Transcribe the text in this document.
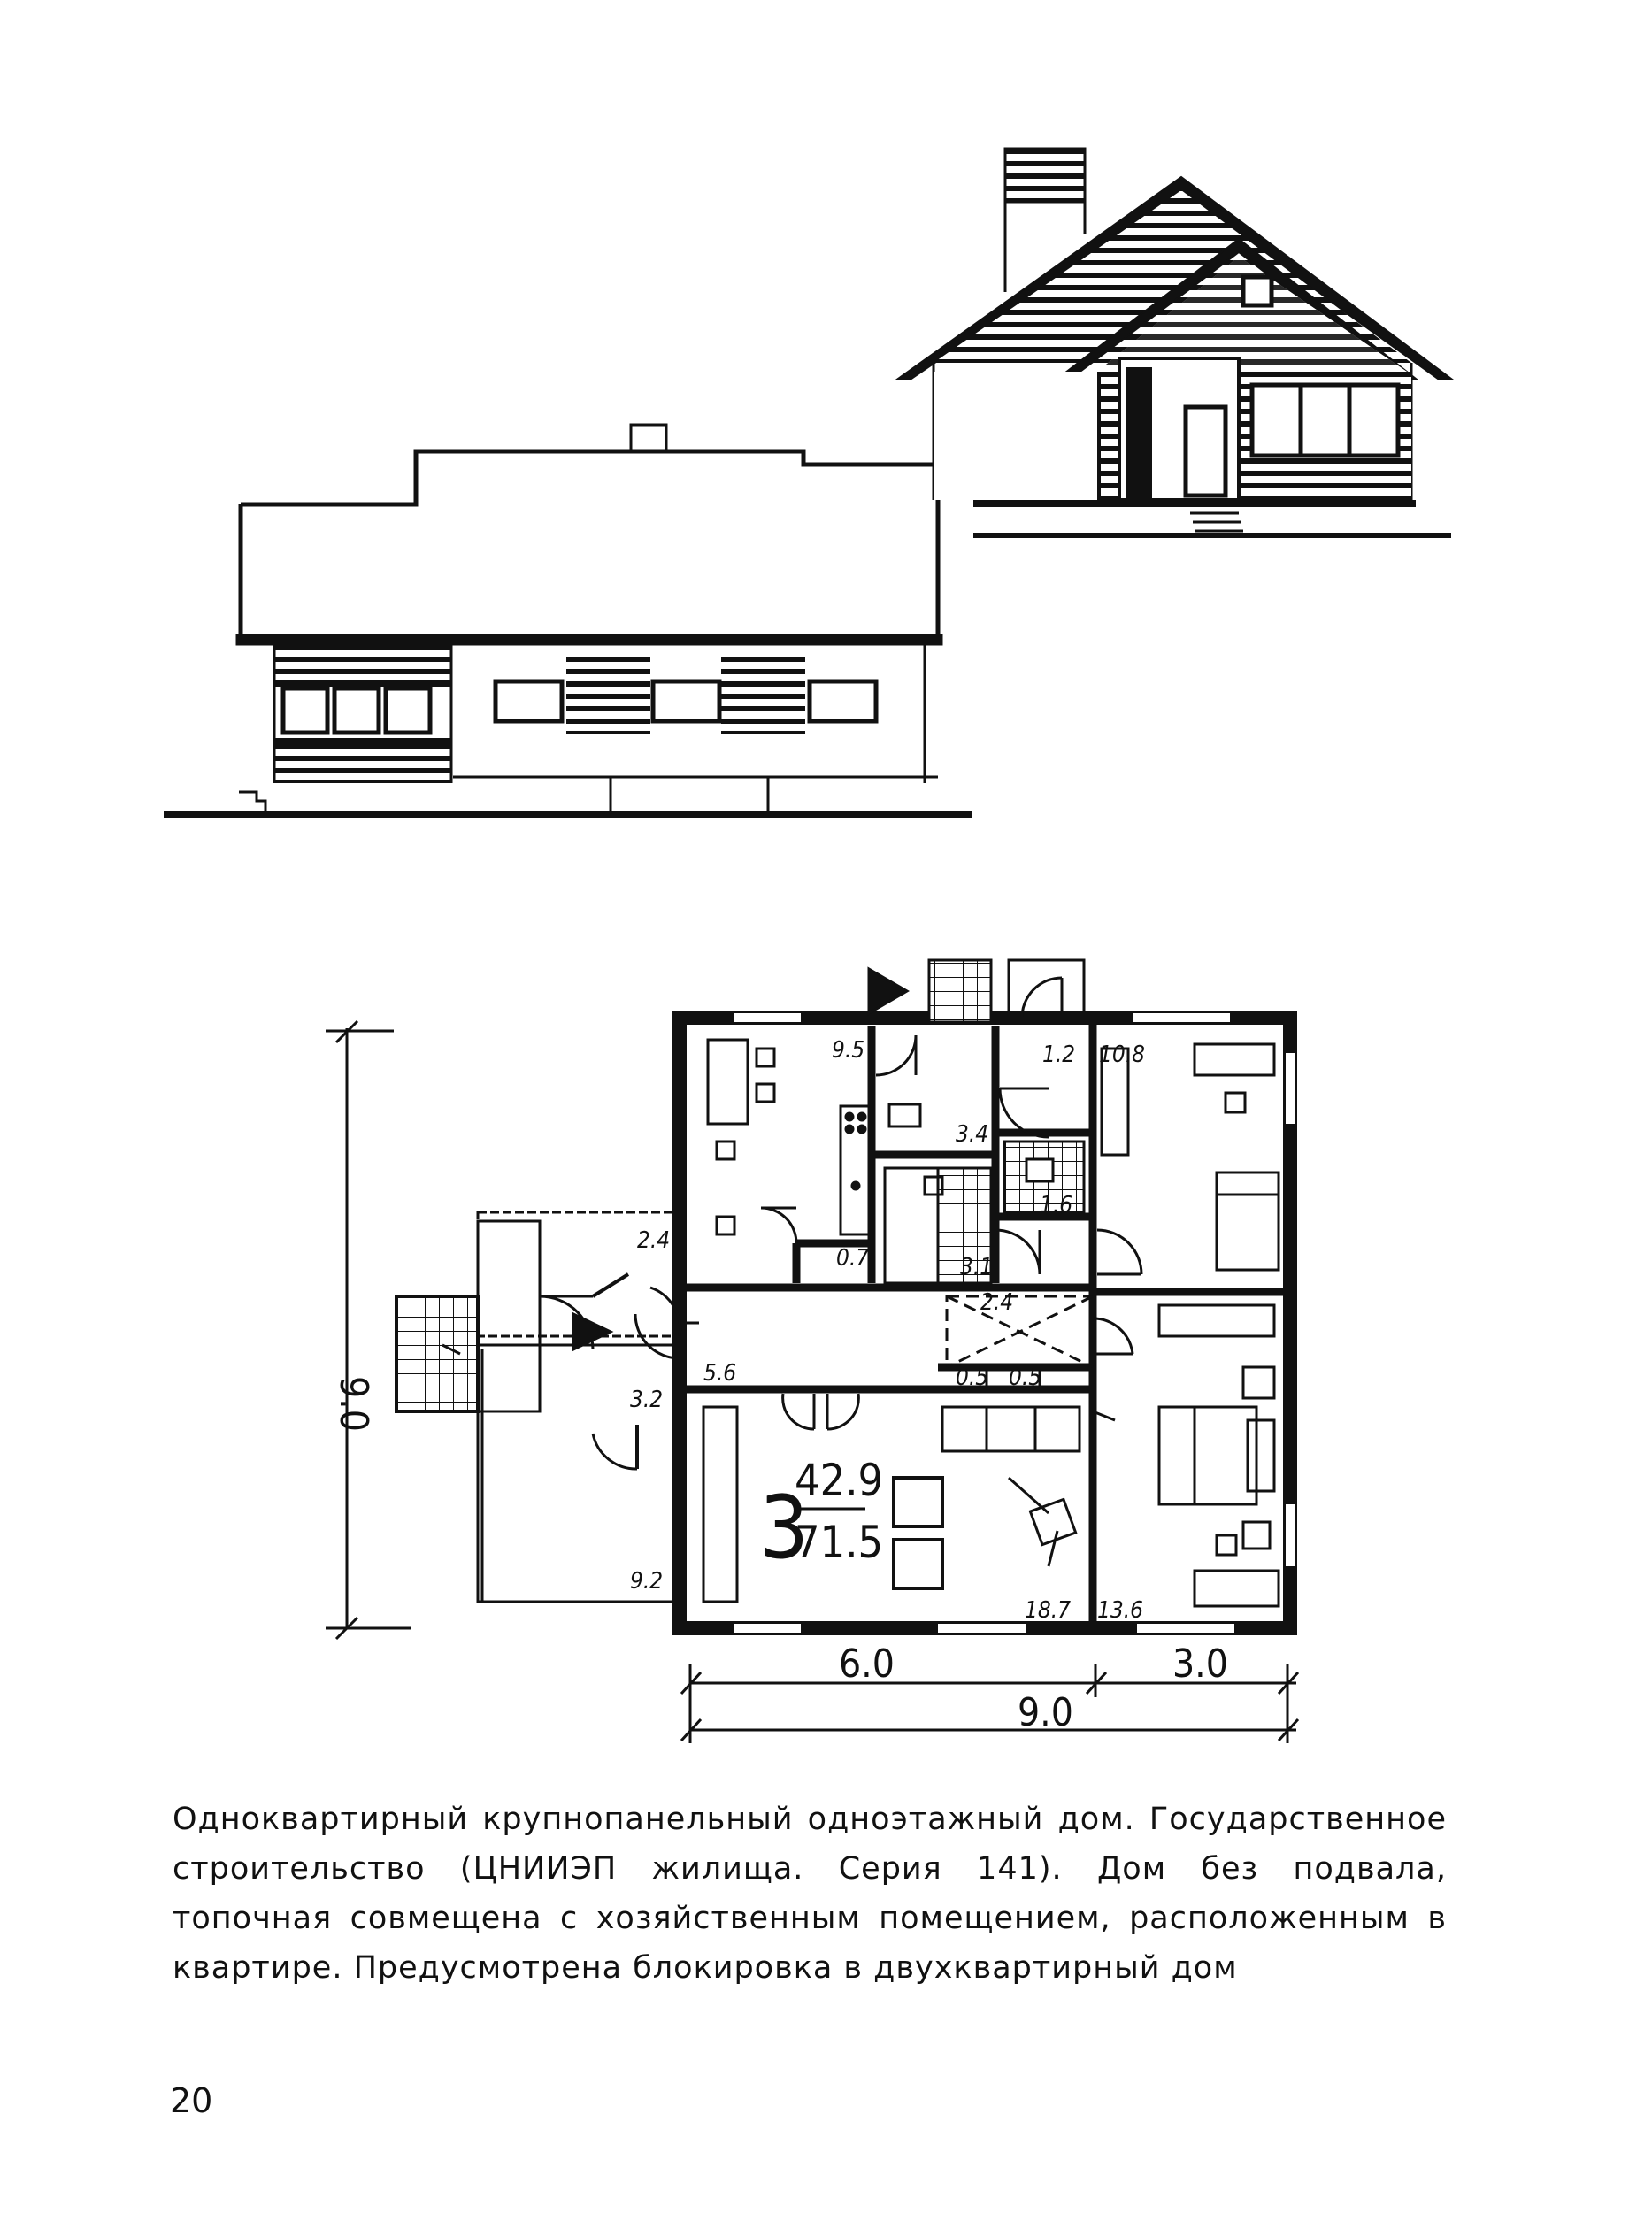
9.5	1.2 10.8
3.4
1.6
2.4
0.7	3.1
2.4
5.6	0.5 0.5
3.2
9.2
18.7 13.6
3
42.9
71.5
9.0
6.0	3.0
9.0

Одноквартирный крупнопанельный одноэтажный дом. Государственное строительство (ЦНИИЭП жилища. Серия 141). Дом без подвала, топочная совмещена с хозяйственным помещением, расположенным в квартире. Предусмотрена блокировка в двухквартирный дом

20
